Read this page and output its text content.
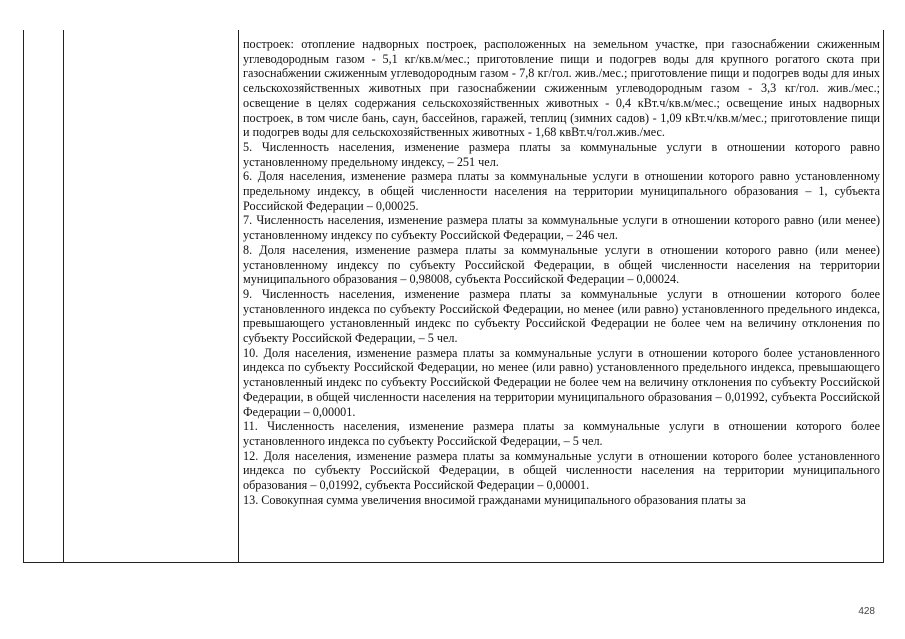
построек: отопление надворных построек, расположенных на земельном участке, при газоснабжении сжиженным углеводородным газом - 5,1 кг/кв.м/мес.; приготовление пищи и подогрев воды для крупного рогатого скота при газоснабжении сжиженным углеводородным газом - 7,8 кг/гол. жив./мес.; приготовление пищи и подогрев воды для иных сельскохозяйственных животных при газоснабжении сжиженным углеводородным газом - 3,3 кг/гол. жив./мес.; освещение в целях содержания сельскохозяйственных животных - 0,4 кВт.ч/кв.м/мес.; освещение иных надворных построек, в том числе бань, саун, бассейнов, гаражей, теплиц (зимних садов) - 1,09 кВт.ч/кв.м/мес.; приготовление пищи и подогрев воды для сельскохозяйственных животных - 1,68 квВт.ч/гол.жив./мес.

5. Численность населения, изменение размера платы за коммунальные услуги в отношении которого равно установленному предельному индексу, – 251 чел.

6. Доля населения, изменение размера платы за коммунальные услуги в отношении которого равно установленному предельному индексу, в общей численности населения на территории муниципального образования – 1, субъекта Российской Федерации – 0,00025.

7. Численность населения, изменение размера платы за коммунальные услуги в отношении которого равно (или менее) установленному индексу по субъекту Российской Федерации, – 246 чел.

8. Доля населения, изменение размера платы за коммунальные услуги в отношении которого равно (или менее) установленному индексу по субъекту Российской Федерации, в общей численности населения на территории муниципального образования – 0,98008, субъекта Российской Федерации – 0,00024.

9. Численность населения, изменение размера платы за коммунальные услуги в отношении которого более установленного индекса по субъекту Российской Федерации, но менее (или равно) установленного предельного индекса, превышающего установленный индекс по субъекту Российской Федерации не более чем на величину отклонения по субъекту Российской Федерации, – 5 чел.

10. Доля населения, изменение размера платы за коммунальные услуги в отношении которого более установленного индекса по субъекту Российской Федерации, но менее (или равно) установленного предельного индекса, превышающего установленный индекс по субъекту Российской Федерации не более чем на величину отклонения по субъекту Российской Федерации, в общей численности населения на территории муниципального образования – 0,01992, субъекта Российской Федерации – 0,00001.

11. Численность населения, изменение размера платы за коммунальные услуги в отношении которого более установленного индекса по субъекту Российской Федерации, – 5 чел.

12. Доля населения, изменение размера платы за коммунальные услуги в отношении которого более установленного индекса по субъекту Российской Федерации, в общей численности населения на территории муниципального образования – 0,01992, субъекта Российской Федерации – 0,00001.

13. Совокупная сумма увеличения вносимой гражданами муниципального образования платы за

428
